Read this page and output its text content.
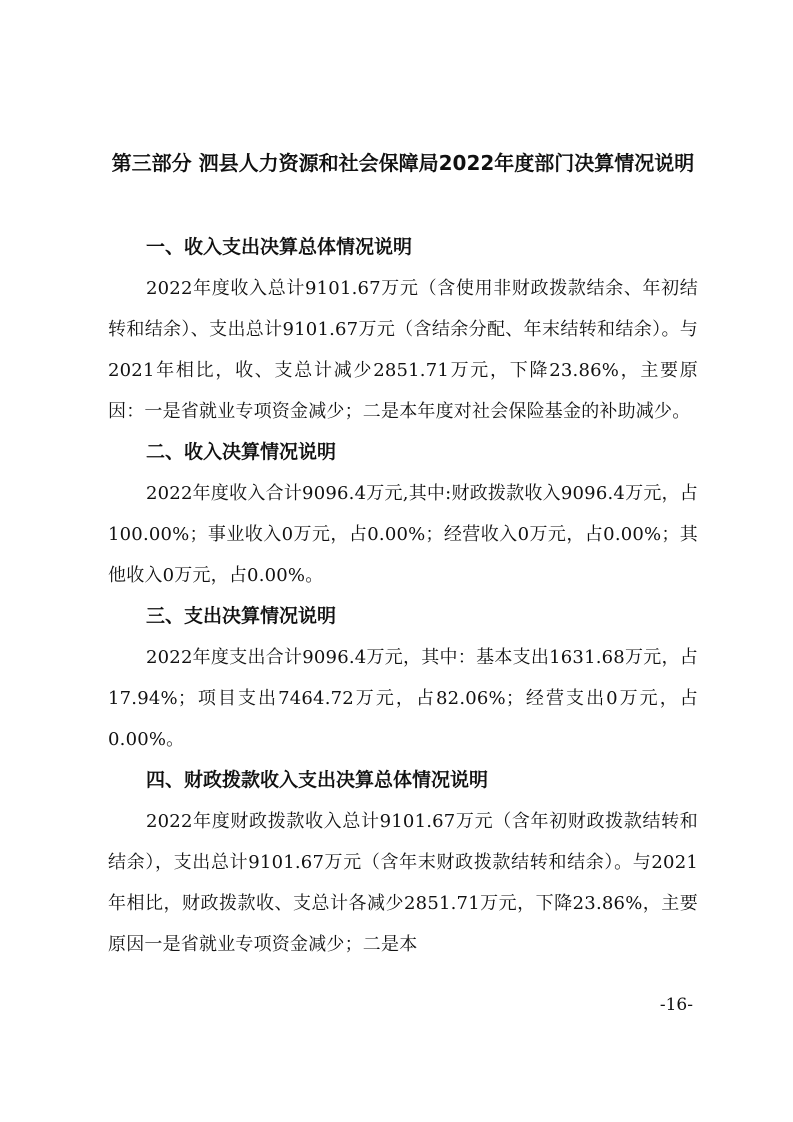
第三部分 泗县人力资源和社会保障局2022年度部门决算情况说明
一、收入支出决算总体情况说明

2022年度收入总计9101.67万元（含使用非财政拨款结余、年初结转和结余）、支出总计9101.67万元（含结余分配、年末结转和结余）。与2021年相比，收、支总计减少2851.71万元，下降23.86%，主要原因：一是省就业专项资金减少；二是本年度对社会保险基金的补助减少。

二、收入决算情况说明

2022年度收入合计9096.4万元,其中:财政拨款收入9096.4万元，占100.00%；事业收入0万元，占0.00%；经营收入0万元，占0.00%；其他收入0万元，占0.00%。

三、支出决算情况说明

2022年度支出合计9096.4万元，其中：基本支出1631.68万元，占17.94%；项目支出7464.72万元，占82.06%；经营支出0万元，占0.00%。

四、财政拨款收入支出决算总体情况说明

2022年度财政拨款收入总计9101.67万元（含年初财政拨款结转和结余），支出总计9101.67万元（含年末财政拨款结转和结余）。与2021年相比，财政拨款收、支总计各减少2851.71万元，下降23.86%，主要原因一是省就业专项资金减少；二是本

-16-
